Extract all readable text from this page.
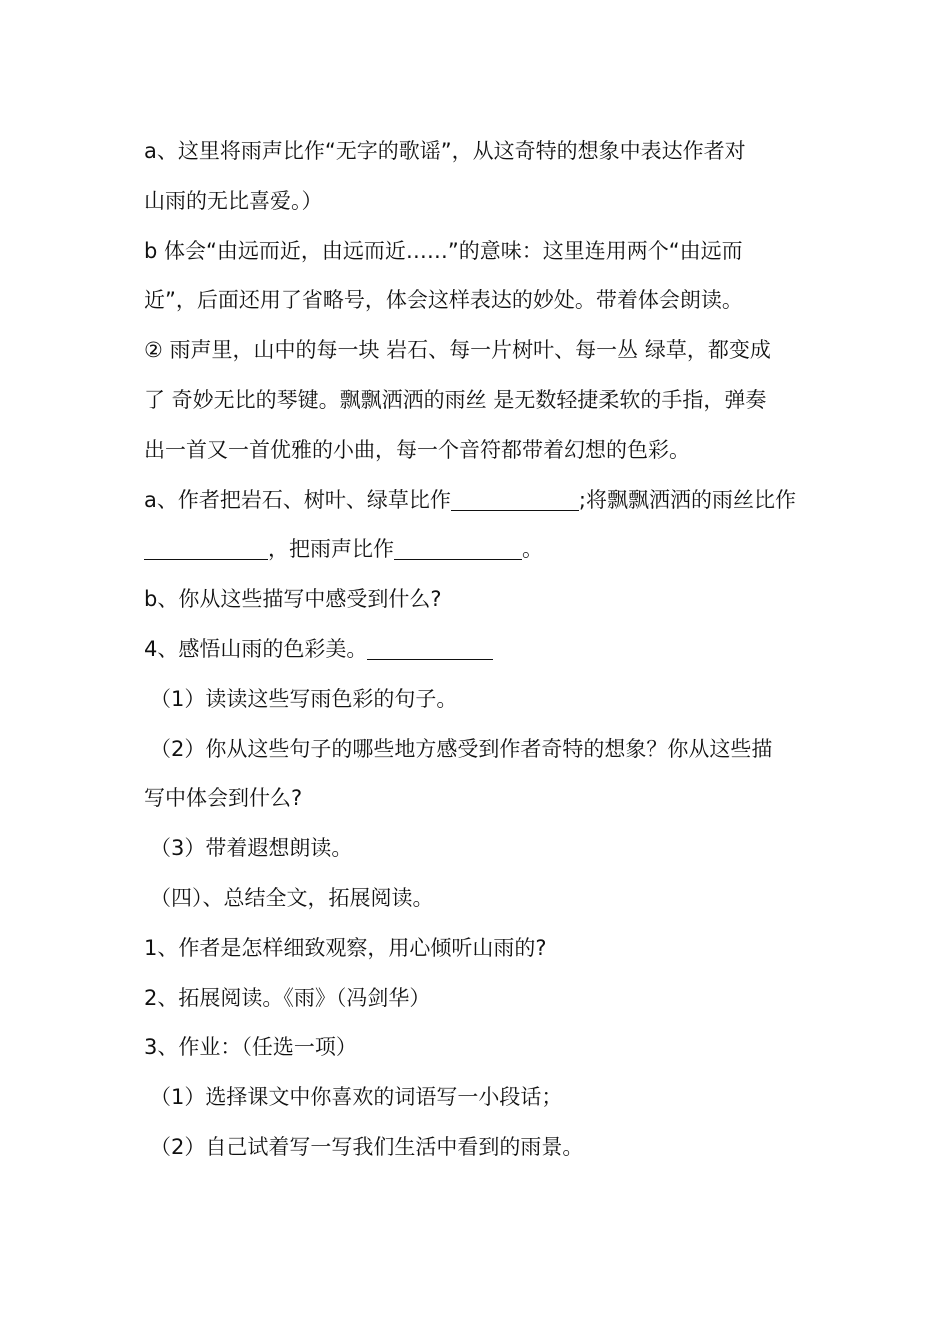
a、这里将雨声比作“无字的歌谣”，从这奇特的想象中表达作者对
山雨的无比喜爱。）
b 体会“由远而近，由远而近……”的意味：这里连用两个“由远而
近”，后面还用了省略号，体会这样表达的妙处。带着体会朗读。
② 雨声里，山中的每一块 岩石、每一片树叶、每一丛 绿草，都变成
了 奇妙无比的琴键。飘飘洒洒的雨丝 是无数轻捷柔软的手指，弹奏
出一首又一首优雅的小曲，每一个音符都带着幻想的色彩。
a、作者把岩石、树叶、绿草比作	;将飘飘洒洒的雨丝比作
，把雨声比作	。
b、你从这些描写中感受到什么?
4、感悟山雨的色彩美。
（1）读读这些写雨色彩的句子。
（2）你从这些句子的哪些地方感受到作者奇特的想象？你从这些描
写中体会到什么?
（3）带着遐想朗读。
（四）、总结全文，拓展阅读。
1、作者是怎样细致观察，用心倾听山雨的?
2、拓展阅读。《雨》（冯剑华）
3、作业：（任选一项）
（1）选择课文中你喜欢的词语写一小段话；
（2）自己试着写一写我们生活中看到的雨景。
